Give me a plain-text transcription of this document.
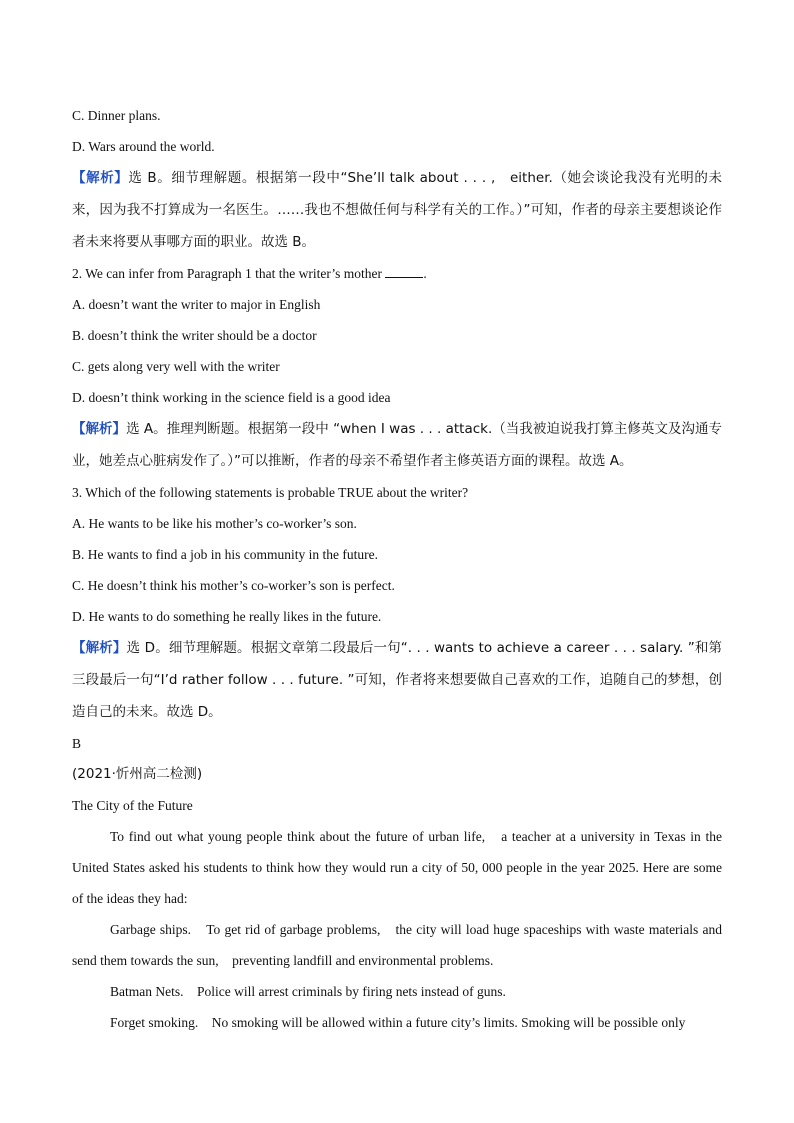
C. Dinner plans.
D. Wars around the world.
【解析】选 B。细节理解题。根据第一段中“She’ll talk about . . . ,　either.（她会谈论我没有光明的未来，因为我不打算成为一名医生。……我也不想做任何与科学有关的工作。）”可知，作者的母亲主要想谈论作者未来将要从事哪方面的职业。故选 B。
2. We can infer from Paragraph 1 that the writer’s mother	.
A. doesn’t want the writer to major in English
B. doesn’t think the writer should be a doctor
C. gets along very well with the writer
D. doesn’t think working in the science field is a good idea
【解析】选 A。推理判断题。根据第一段中 “when I was . . . attack.（当我被迫说我打算主修英文及沟通专业，她差点心脏病发作了。）”可以推断，作者的母亲不希望作者主修英语方面的课程。故选 A。
3. Which of the following statements is probable TRUE about the writer?
A. He wants to be like his mother’s co-worker’s son.
B. He wants to find a job in his community in the future.
C. He doesn’t think his mother’s co-worker’s son is perfect.
D. He wants to do something he really likes in the future.
【解析】选 D。细节理解题。根据文章第二段最后一句“. . . wants to achieve a career . . . salary. ”和第三段最后一句“I’d rather follow . . . future. ”可知，作者将来想要做自己喜欢的工作，追随自己的梦想，创造自己的未来。故选 D。
B
(2021·忻州高二检测)
The City of the Future
To find out what young people think about the future of urban life,　a teacher at a university in Texas in the United States asked his students to think how they would run a city of 50, 000 people in the year 2025. Here are some of the ideas they had:
Garbage ships.　To get rid of garbage problems,　the city will load huge spaceships with waste materials and send them towards the sun,　preventing landfill and environmental problems.
Batman Nets.　Police will arrest criminals by firing nets instead of guns.
Forget smoking.　No smoking will be allowed within a future city’s limits. Smoking will be possible only
